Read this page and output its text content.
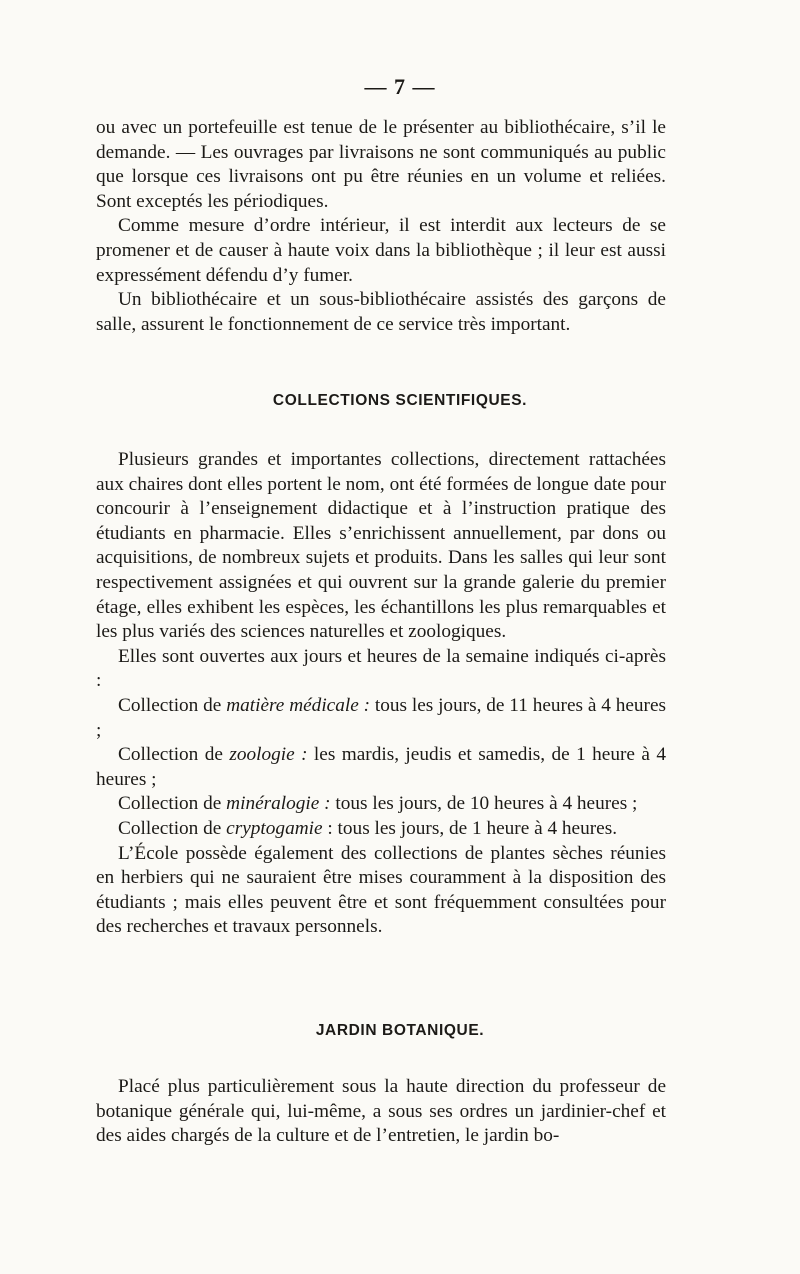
— 7 —

ou avec un portefeuille est tenue de le présenter au bibliothécaire, s’il le demande. — Les ouvrages par livraisons ne sont communiqués au public que lorsque ces livraisons ont pu être réunies en un volume et reliées. Sont exceptés les périodiques.

Comme mesure d’ordre intérieur, il est interdit aux lecteurs de se promener et de causer à haute voix dans la bibliothèque ; il leur est aussi expressément défendu d’y fumer.

Un bibliothécaire et un sous-bibliothécaire assistés des garçons de salle, assurent le fonctionnement de ce service très important.

COLLECTIONS SCIENTIFIQUES.

Plusieurs grandes et importantes collections, directement rattachées aux chaires dont elles portent le nom, ont été formées de longue date pour concourir à l’enseignement didactique et à l’instruction pratique des étudiants en pharmacie. Elles s’enrichissent annuellement, par dons ou acquisitions, de nombreux sujets et produits. Dans les salles qui leur sont respectivement assignées et qui ouvrent sur la grande galerie du premier étage, elles exhibent les espèces, les échantillons les plus remarquables et les plus variés des sciences naturelles et zoologiques.

Elles sont ouvertes aux jours et heures de la semaine indiqués ci-après :

Collection de matière médicale : tous les jours, de 11 heures à 4 heures ;

Collection de zoologie : les mardis, jeudis et samedis, de 1 heure à 4 heures ;

Collection de minéralogie : tous les jours, de 10 heures à 4 heures ;

Collection de cryptogamie : tous les jours, de 1 heure à 4 heures.

L’École possède également des collections de plantes sèches réunies en herbiers qui ne sauraient être mises couramment à la disposition des étudiants ; mais elles peuvent être et sont fréquemment consultées pour des recherches et travaux personnels.

JARDIN BOTANIQUE.

Placé plus particulièrement sous la haute direction du professeur de botanique générale qui, lui-même, a sous ses ordres un jardinier-chef et des aides chargés de la culture et de l’entretien, le jardin bo-
